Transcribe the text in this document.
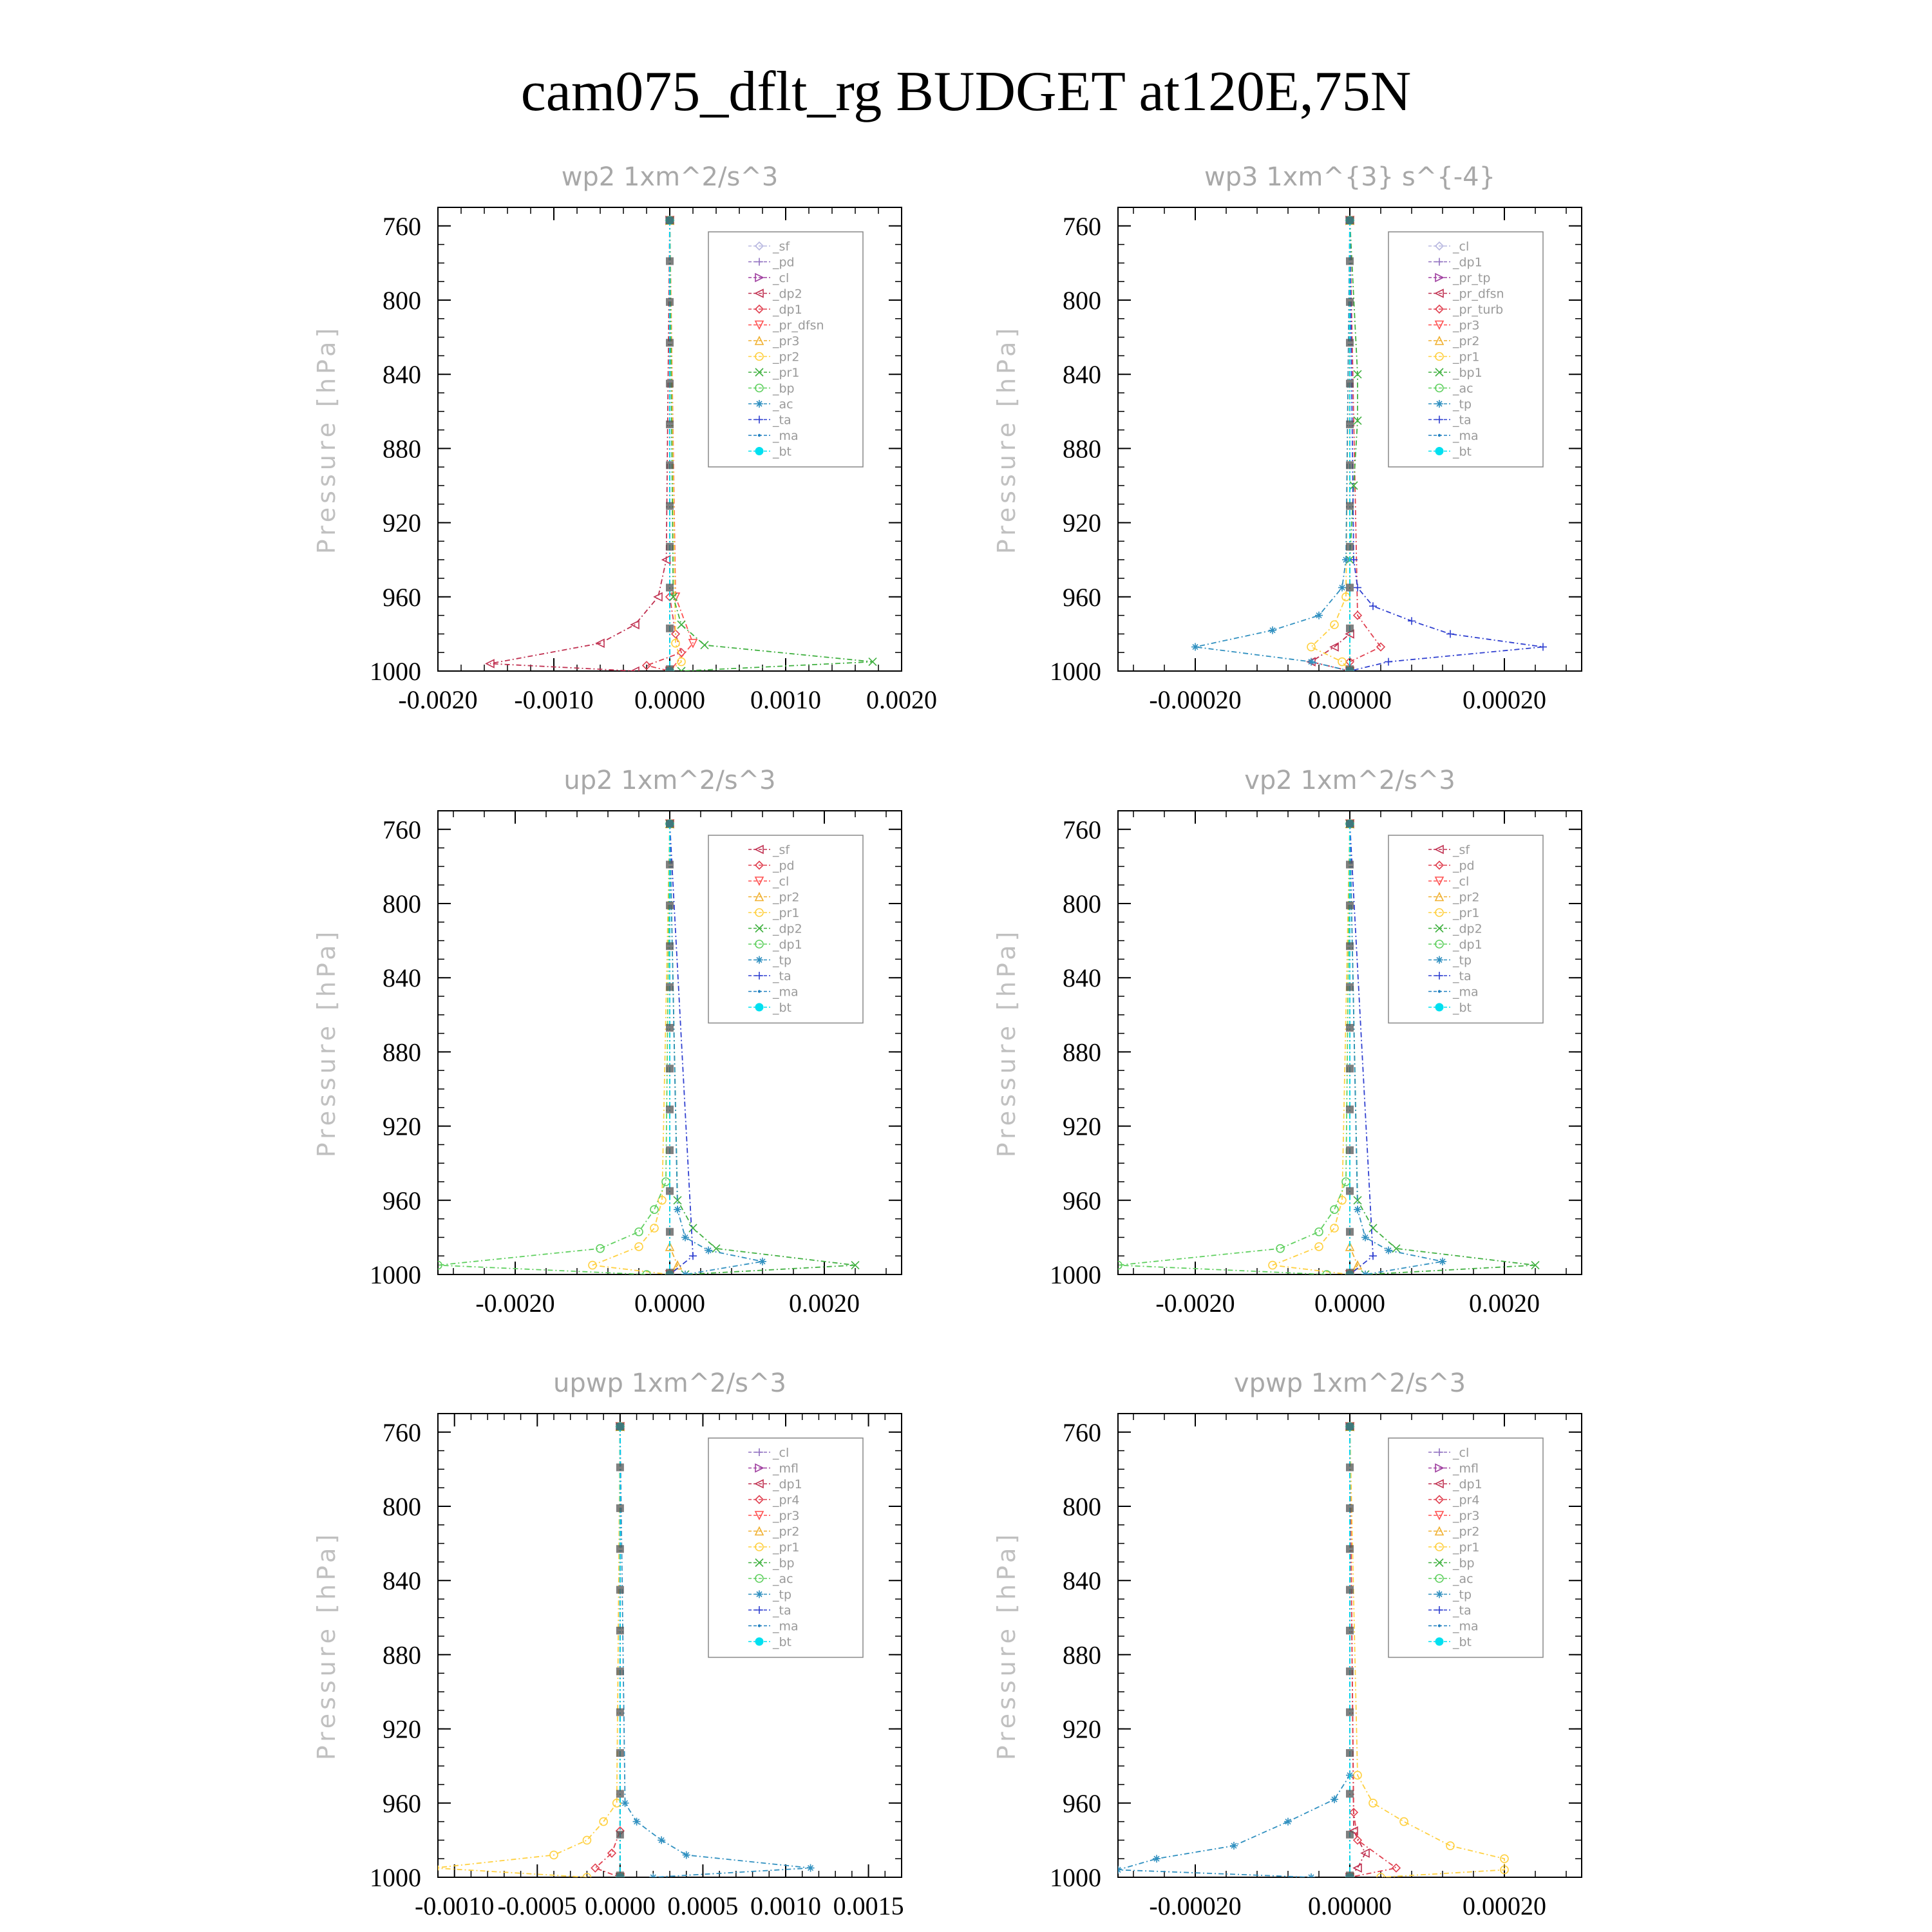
cam075_dflt_rg BUDGET at120E,75N
wp2 1xm^2/s^3
Pressure [hPa]
760
800
840
880
920
960
1000
-0.0020 -0.0010 0.0000 0.0010 0.0020
_sf
_pd
_cl
_dp2
_dp1
_pr_dfsn
_pr3
_pr2
_pr1
_bp
_ac
_ta
_ma
_bt
wp3 1xm^{3} s^{-4}
Pressure [hPa]
760
800
840
880
920
960
1000
-0.00020	0.00000	0.00020
_cl
_dp1
_pr_tp
_pr_dfsn
_pr_turb
_pr3
_pr2
_pr1
_bp1
_ac
_tp
_ta
_ma
_bt
up2 1xm^2/s^3
Pressure [hPa]
760
800
840
880
920
960
1000
-0.0020	0.0000	0.0020
_sf
_pd
_cl
_pr2
_pr1
_dp2
_dp1
_tp
_ta
_ma
_bt
vp2 1xm^2/s^3
Pressure [hPa]
760
800
840
880
920
960
1000
-0.0020	0.0000	0.0020
_sf
_pd
_cl
_pr2
_pr1
_dp2
_dp1
_tp
_ta
_ma
_bt
upwp 1xm^2/s^3
Pressure [hPa]
760
800
840
880
920
960
1000
-0.0010 -0.0005 0.0000 0.0005 0.0010 0.0015
_cl
_mfl
_dp1
_pr4
_pr3
_pr2
_pr1
_bp
_ac
_tp
_ta
_ma
_bt
vpwp 1xm^2/s^3
Pressure [hPa]
760
800
840
880
920
960
1000
-0.00020	0.00000	0.00020
_cl
_mfl
_dp1
_pr4
_pr3
_pr2
_pr1
_bp
_ac
_tp
_ta
_ma
_bt
